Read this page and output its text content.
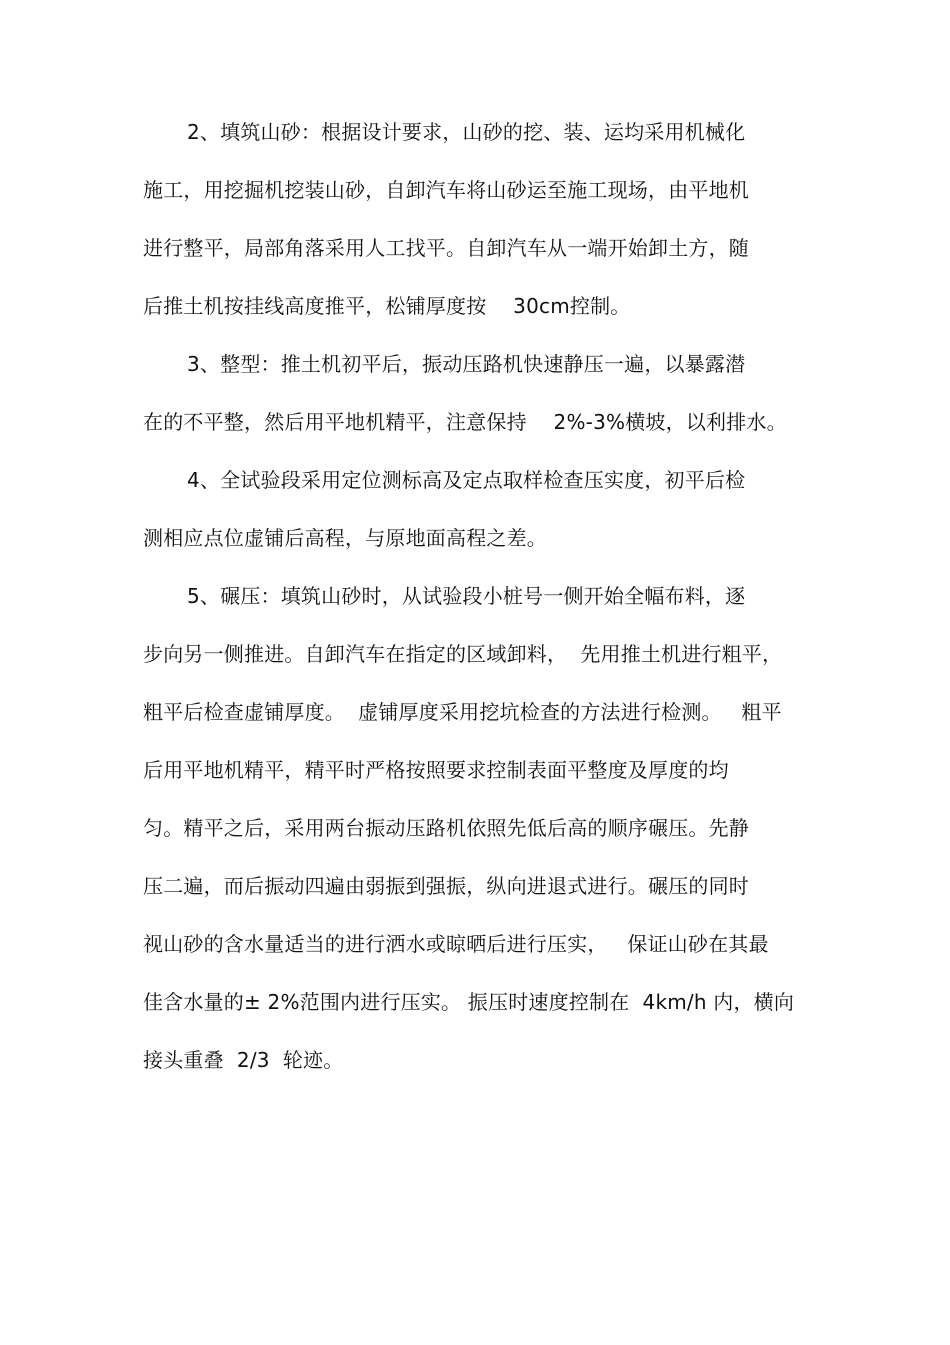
2、填筑山砂：根据设计要求，山砂的挖、装、运均采用机械化
施工，用挖掘机挖装山砂，自卸汽车将山砂运至施工现场，由平地机
进行整平，局部角落采用人工找平。自卸汽车从一端开始卸土方，随
后推土机按挂线高度推平，松铺厚度按　 30cm控制。
3、整型：推土机初平后，振动压路机快速静压一遍，以暴露潜
在的不平整，然后用平地机精平，注意保持　 2%-3%横坡，以利排水。
4、全试验段采用定位测标高及定点取样检查压实度，初平后检
测相应点位虚铺后高程，与原地面高程之差。
5、碾压：填筑山砂时，从试验段小桩号一侧开始全幅布料，逐
步向另一侧推进。自卸汽车在指定的区域卸料，  先用推土机进行粗平，
粗平后检查虚铺厚度。  虚铺厚度采用挖坑检查的方法进行检测。   粗平
后用平地机精平，精平时严格按照要求控制表面平整度及厚度的均
匀。精平之后，采用两台振动压路机依照先低后高的顺序碾压。先静
压二遍，而后振动四遍由弱振到强振，纵向进退式进行。碾压的同时
视山砂的含水量适当的进行洒水或晾晒后进行压实，   保证山砂在其最
佳含水量的± 2%范围内进行压实。 振压时速度控制在  4km/h 内，横向
接头重叠  2/3  轮迹。
